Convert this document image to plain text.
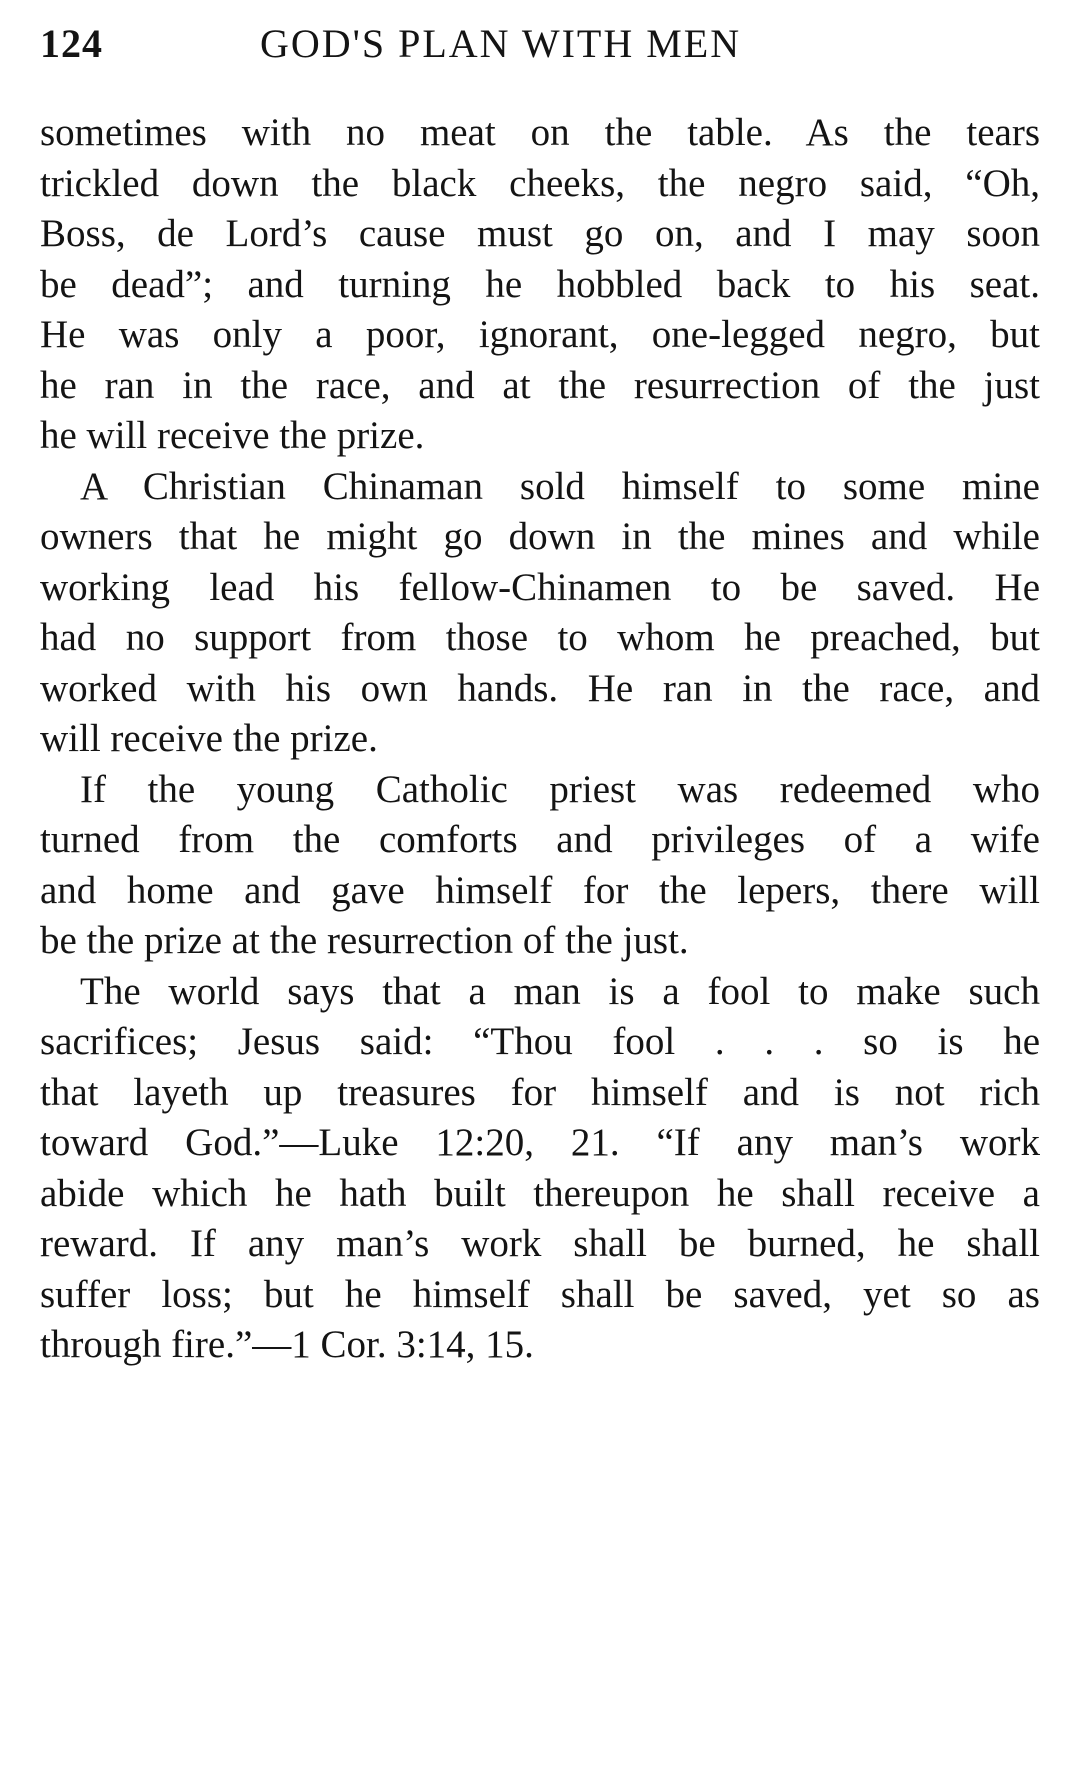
124	GOD'S PLAN WITH MEN
sometimes with no meat on the table. As the tears
trickled down the black cheeks, the negro said, “Oh,
Boss, de Lord’s cause must go on, and I may soon
be dead”; and turning he hobbled back to his seat.
He was only a poor, ignorant, one-legged negro, but
he ran in the race, and at the resurrection of the just
he will receive the prize.
A Christian Chinaman sold himself to some mine
owners that he might go down in the mines and while
working lead his fellow-Chinamen to be saved. He
had no support from those to whom he preached, but
worked with his own hands. He ran in the race, and
will receive the prize.
If the young Catholic priest was redeemed who
turned from the comforts and privileges of a wife
and home and gave himself for the lepers, there will
be the prize at the resurrection of the just.
The world says that a man is a fool to make such
sacrifices; Jesus said: “Thou fool . . . so is he
that layeth up treasures for himself and is not rich
toward God.”—Luke 12:20, 21. “If any man’s work
abide which he hath built thereupon he shall receive a
reward. If any man’s work shall be burned, he shall
suffer loss; but he himself shall be saved, yet so as
through fire.”—1 Cor. 3:14, 15.
